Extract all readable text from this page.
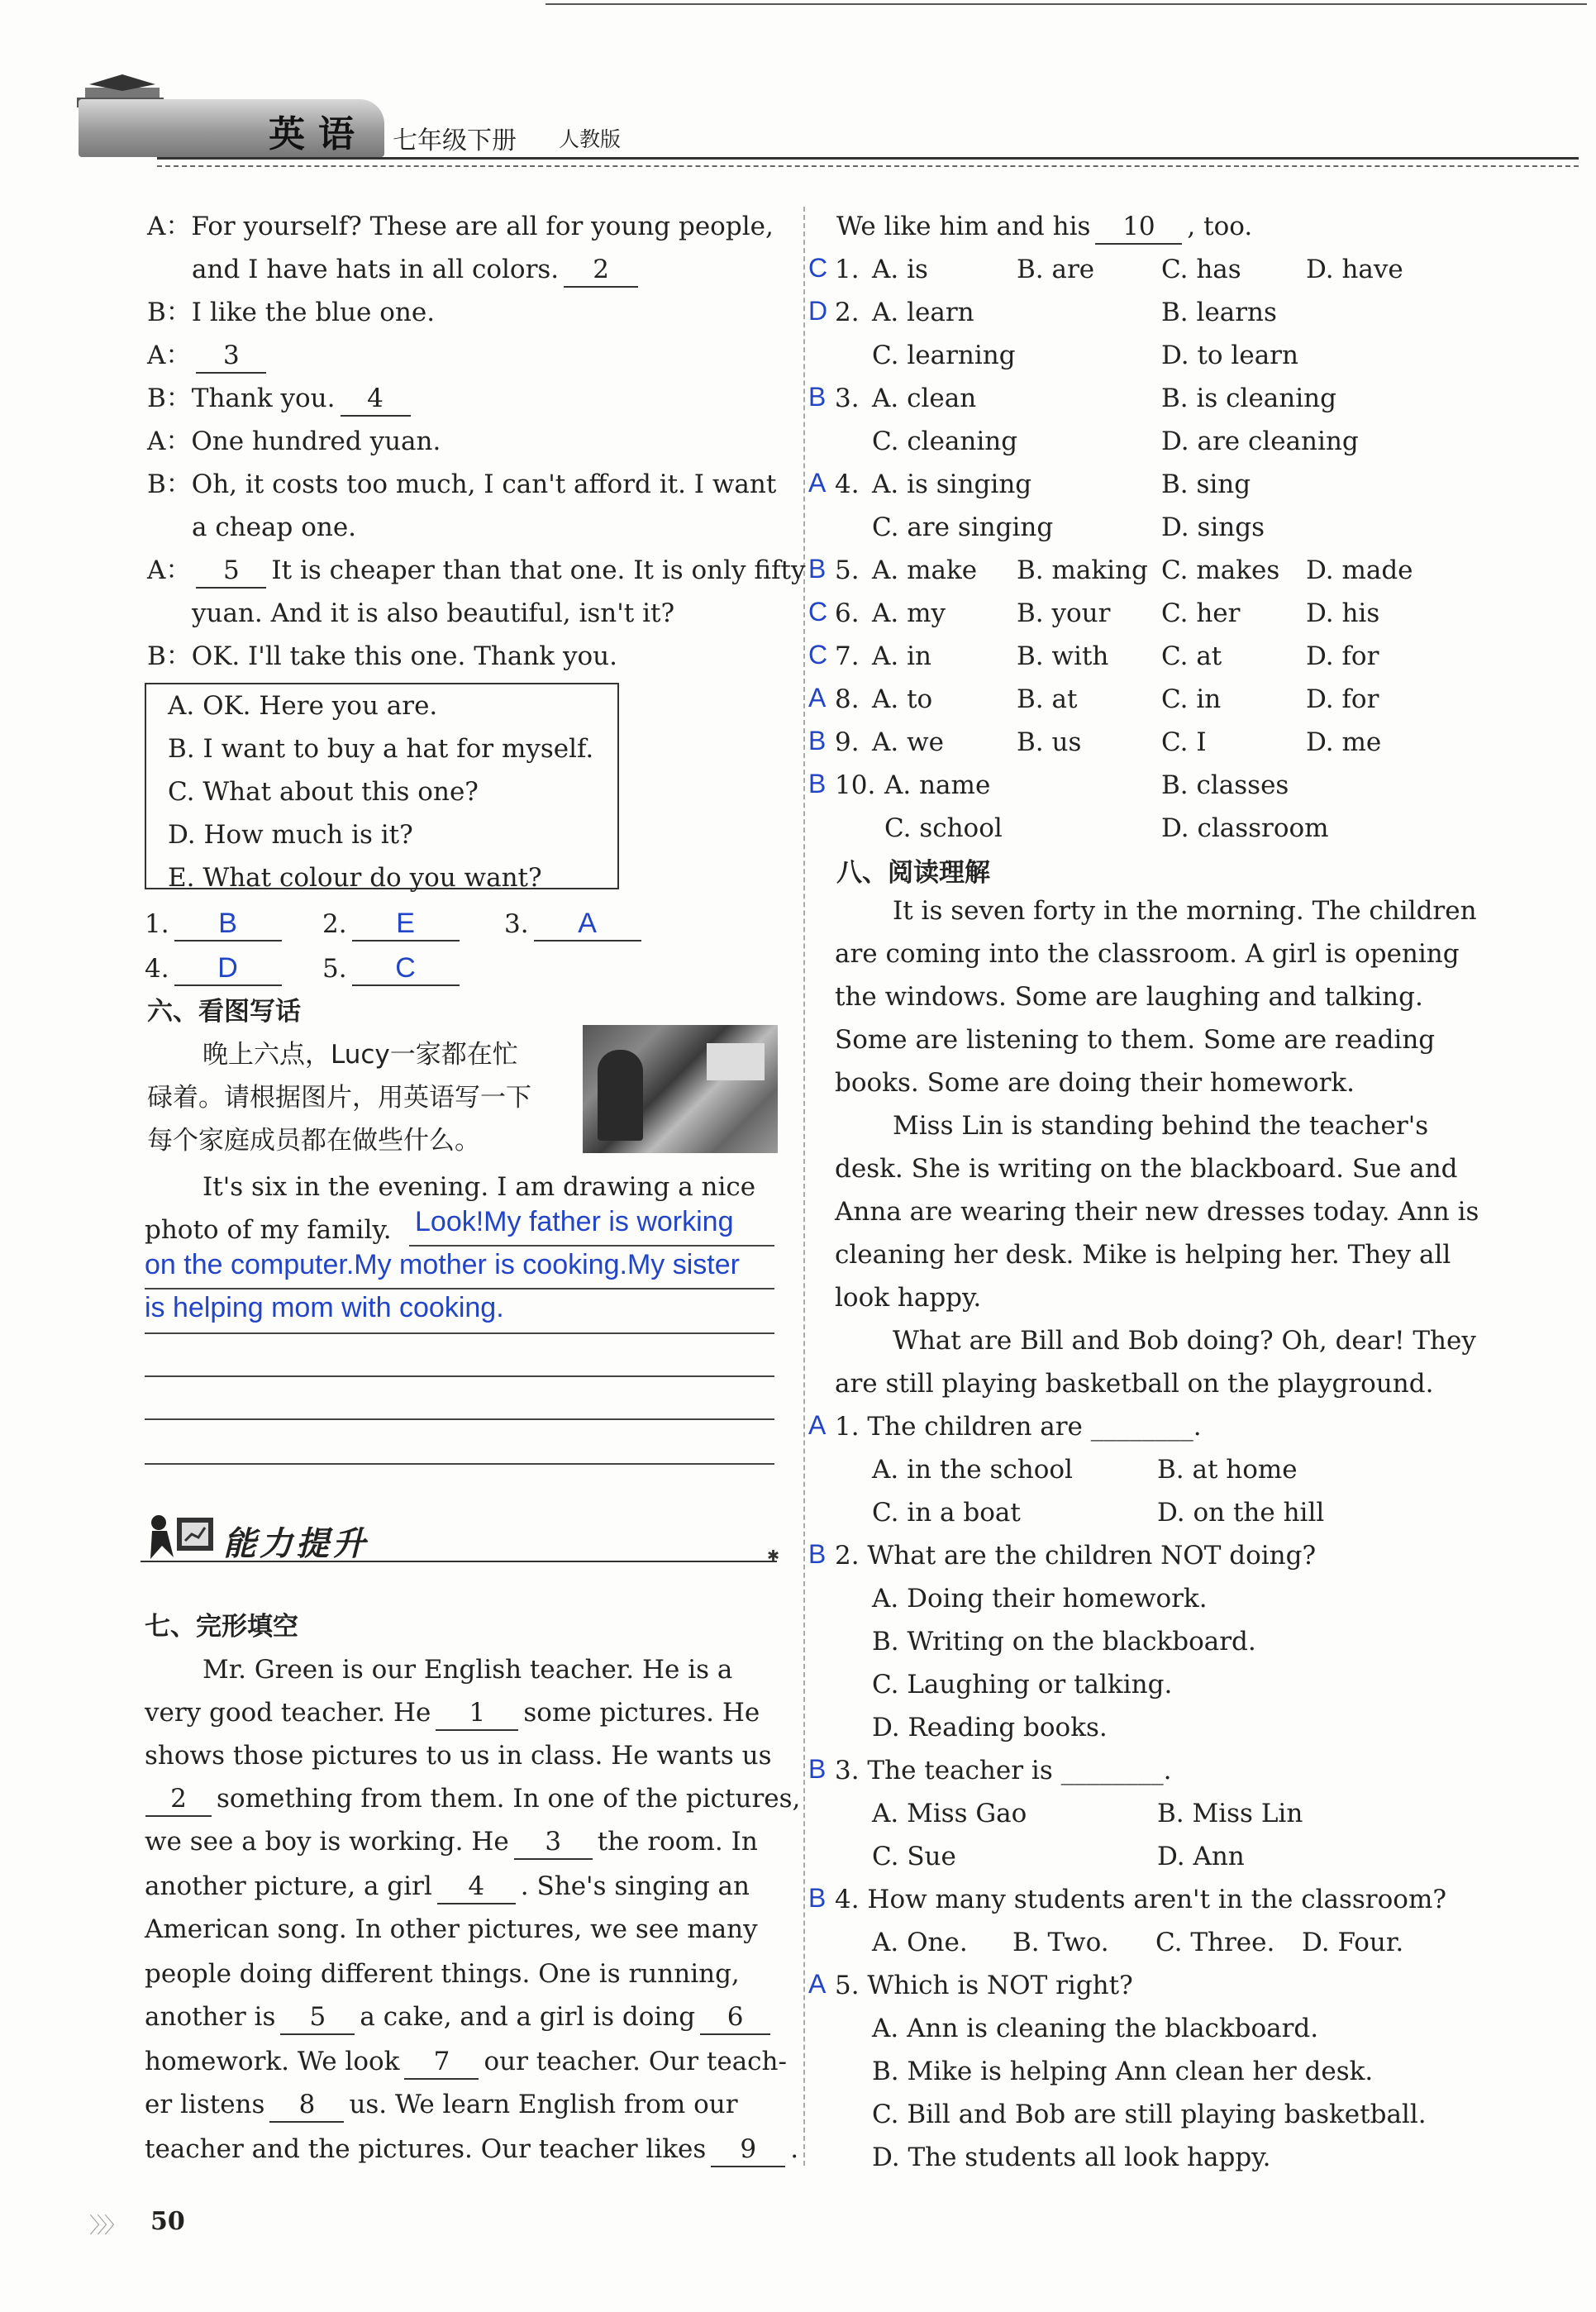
英语 七年级下册 人教版
A：For yourself? These are all for young people,
and I have hats in all colors. 2
B：I like the blue one.
A： 3
B：Thank you. 4
A：One hundred yuan.
B：Oh, it costs too much, I can't afford it. I want
a cheap one.
A： 5 It is cheaper than that one. It is only fifty
yuan. And it is also beautiful, isn't it?
B：OK. I'll take this one. Thank you.
A. OK. Here you are.
B. I want to buy a hat for myself.
C. What about this one?
D. How much is it?
E. What colour do you want?
1. B	2. E	3. A
4. D	5. C
六、看图写话
晚上六点，Lucy一家都在忙
碌着。请根据图片，用英语写一下
每个家庭成员都在做些什么。
It's six in the evening. I am drawing a nice
photo of my family. Look!My father is working
on the computer.My mother is cooking.My sister
is helping mom with cooking.
✱
能力提升
七、完形填空
Mr. Green is our English teacher. He is a
very good teacher. He 1 some pictures. He
shows those pictures to us in class. He wants us
2 something from them. In one of the pictures,
we see a boy is working. He 3 the room. In
another picture, a girl 4 . She's singing an
American song. In other pictures, we see many
people doing different things. One is running,
another is 5 a cake, and a girl is doing 6
homework. We look 7 our teacher. Our teach-
er listens 8 us. We learn English from our
teacher and the pictures. Our teacher likes 9 .
We like him and his 10 , too.
C 1. A. is	B. are	C. has	D. have
D 2. A. learn	B. learns
C. learning	D. to learn
B 3. A. clean	B. is cleaning
C. cleaning	D. are cleaning
A 4. A. is singing	B. sing
C. are singing	D. sings
B 5. A. make B. making C. makes D. made
C 6. A. my	B. your C. her	D. his
C 7. A. in	B. with C. at	D. for
A 8. A. to	B. at	C. in	D. for
B 9. A. we	B. us	C. I	D. me
B 10. A. name	B. classes
C. school	D. classroom
八、阅读理解
It is seven forty in the morning. The children
are coming into the classroom. A girl is opening
the windows. Some are laughing and talking.
Some are listening to them. Some are reading
books. Some are doing their homework.
Miss Lin is standing behind the teacher's
desk. She is writing on the blackboard. Sue and
Anna are wearing their new dresses today. Ann is
cleaning her desk. Mike is helping her. They all
look happy.
What are Bill and Bob doing? Oh, dear! They
are still playing basketball on the playground.
A 1. The children are ________.
A. in the school	B. at home
C. in a boat	D. on the hill
B 2. What are the children NOT doing?
A. Doing their homework.
B. Writing on the blackboard.
C. Laughing or talking.
D. Reading books.
B 3. The teacher is ________.
A. Miss Gao	B. Miss Lin
C. Sue	D. Ann
B 4. How many students aren't in the classroom?
A. One. B. Two. C. Three. D. Four.
A 5. Which is NOT right?
A. Ann is cleaning the blackboard.
B. Mike is helping Ann clean her desk.
C. Bill and Bob are still playing basketball.
D. The students all look happy.
〉〉〉 50
